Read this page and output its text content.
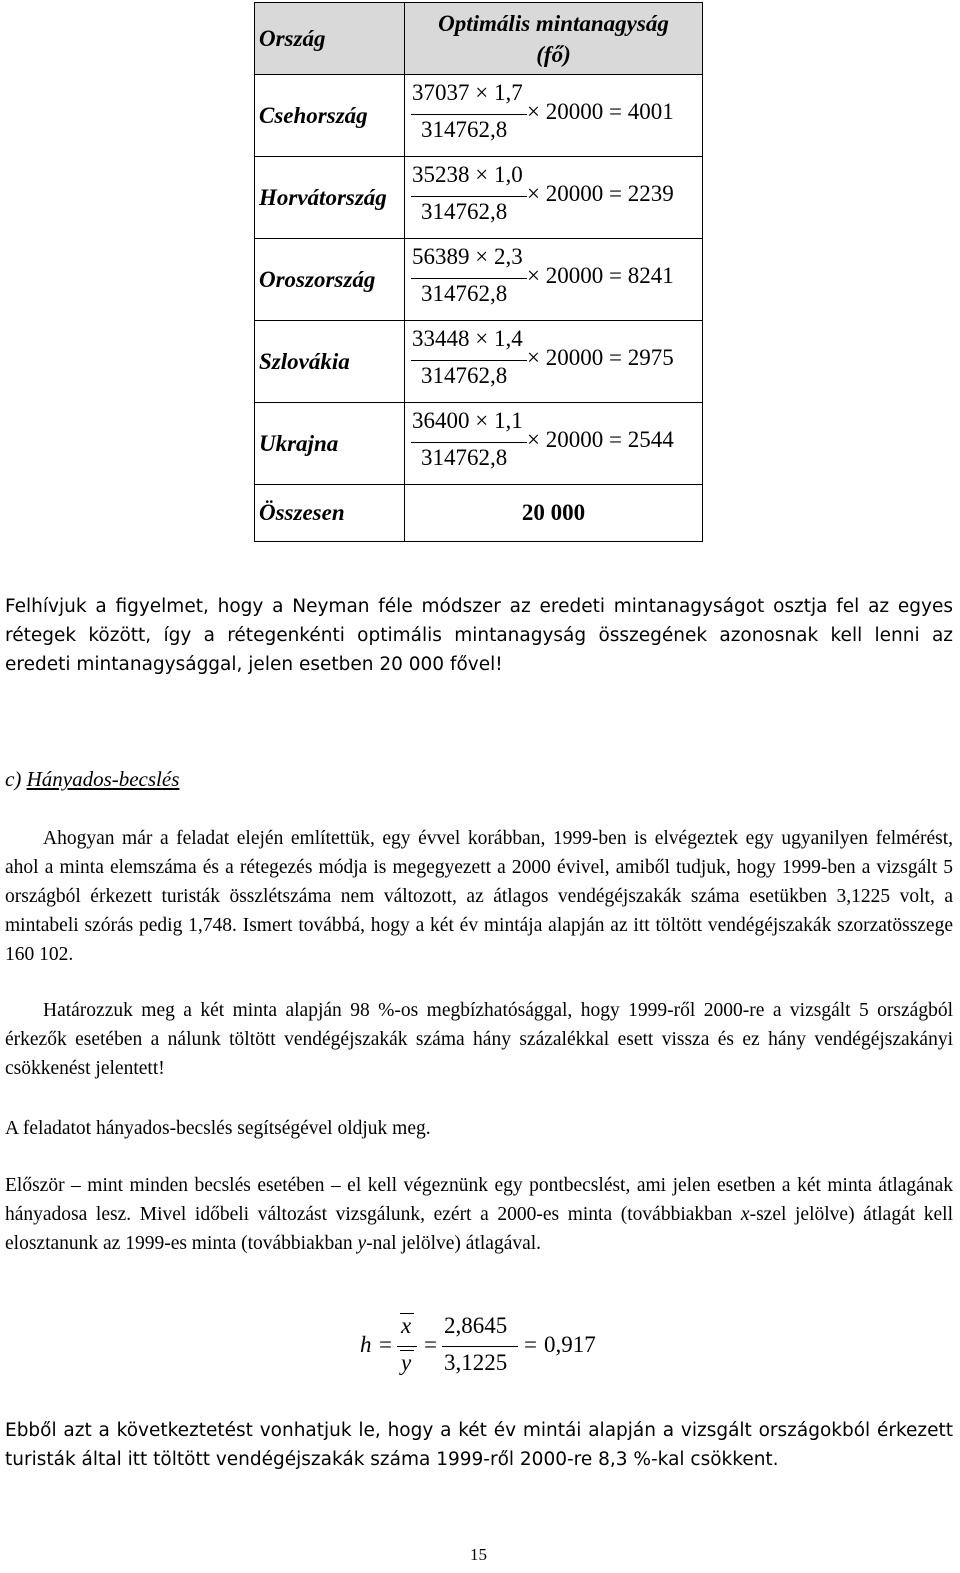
Ország	Optimális mintanagyság
(fő)
Csehország	37037 × 1,7
314762,8
× 20000 = 4001

Horvátország	35238 × 1,0
314762,8
× 20000 = 2239

Oroszország	56389 × 2,3
314762,8
× 20000 = 8241

Szlovákia	33448 × 1,4
314762,8
× 20000 = 2975

Ukrajna	36400 × 1,1
314762,8
× 20000 = 2544

Összesen	20 000
Felhívjuk a figyelmet, hogy a Neyman féle módszer az eredeti mintanagyságot osztja fel az egyes rétegek között, így a rétegenkénti optimális mintanagyság összegének azonosnak kell lenni az eredeti mintanagysággal, jelen esetben 20 000 fővel!
c) Hányados-becslés
Ahogyan már a feladat elején említettük, egy évvel korábban, 1999-ben is elvégeztek egy ugyanilyen felmérést, ahol a minta elemszáma és a rétegezés módja is megegyezett a 2000 évivel, amiből tudjuk, hogy 1999-ben a vizsgált 5 országból érkezett turisták összlétszáma nem változott, az átlagos vendégéjszakák száma esetükben 3,1225 volt, a mintabeli szórás pedig 1,748. Ismert továbbá, hogy a két év mintája alapján az itt töltött vendégéjszakák szorzatösszege 160 102.
Határozzuk meg a két minta alapján 98 %-os megbízhatósággal, hogy 1999-ről 2000-re a vizsgált 5 országból érkezők esetében a nálunk töltött vendégéjszakák száma hány százalékkal esett vissza és ez hány vendégéjszakányi csökkenést jelentett!
A feladatot hányados-becslés segítségével oldjuk meg.
Először – mint minden becslés esetében – el kell végeznünk egy pontbecslést, ami jelen esetben a két minta átlagának hányadosa lesz. Mivel időbeli változást vizsgálunk, ezért a 2000-es minta (továbbiakban x-szel jelölve) átlagát kell elosztanunk az 1999-es minta (továbbiakban y-nal jelölve) átlagával.
h =
x
y
=
2,8645
3,1225
= 0,917
Ebből azt a következtetést vonhatjuk le, hogy a két év mintái alapján a vizsgált országokból érkezett turisták által itt töltött vendégéjszakák száma 1999-ről 2000-re 8,3 %-kal csökkent.
15
